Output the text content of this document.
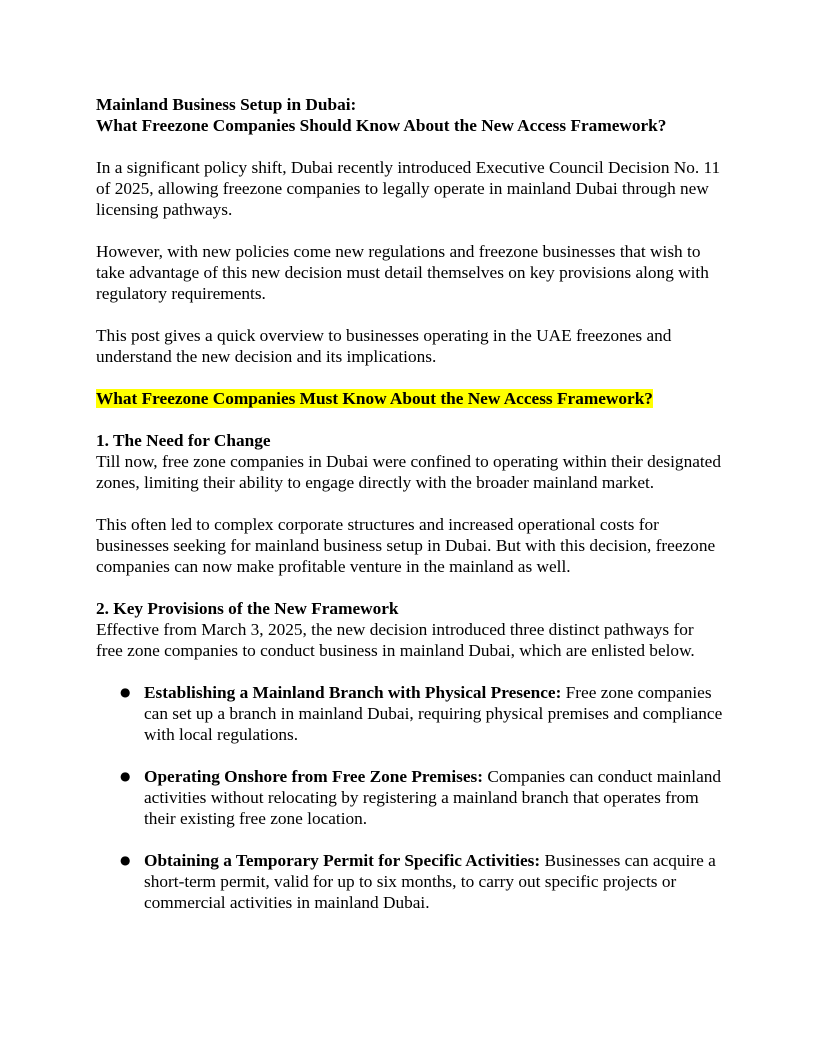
Mainland Business Setup in Dubai:
What Freezone Companies Should Know About the New Access Framework?

In a significant policy shift, Dubai recently introduced Executive Council Decision No. 11 of 2025, allowing freezone companies to legally operate in mainland Dubai through new licensing pathways.

However, with new policies come new regulations and freezone businesses that wish to take advantage of this new decision must detail themselves on key provisions along with regulatory requirements.

This post gives a quick overview to businesses operating in the UAE freezones and understand the new decision and its implications.

What Freezone Companies Must Know About the New Access Framework?

1. The Need for Change

Till now, free zone companies in Dubai were confined to operating within their designated zones, limiting their ability to engage directly with the broader mainland market.

This often led to complex corporate structures and increased operational costs for businesses seeking for mainland business setup in Dubai. But with this decision, freezone companies can now make profitable venture in the mainland as well.

2. Key Provisions of the New Framework

Effective from March 3, 2025, the new decision introduced three distinct pathways for free zone companies to conduct business in mainland Dubai, which are enlisted below.

● Establishing a Mainland Branch with Physical Presence: Free zone companies can set up a branch in mainland Dubai, requiring physical premises and compliance with local regulations.
● Operating Onshore from Free Zone Premises: Companies can conduct mainland activities without relocating by registering a mainland branch that operates from their existing free zone location.
● Obtaining a Temporary Permit for Specific Activities: Businesses can acquire a short-term permit, valid for up to six months, to carry out specific projects or commercial activities in mainland Dubai.
